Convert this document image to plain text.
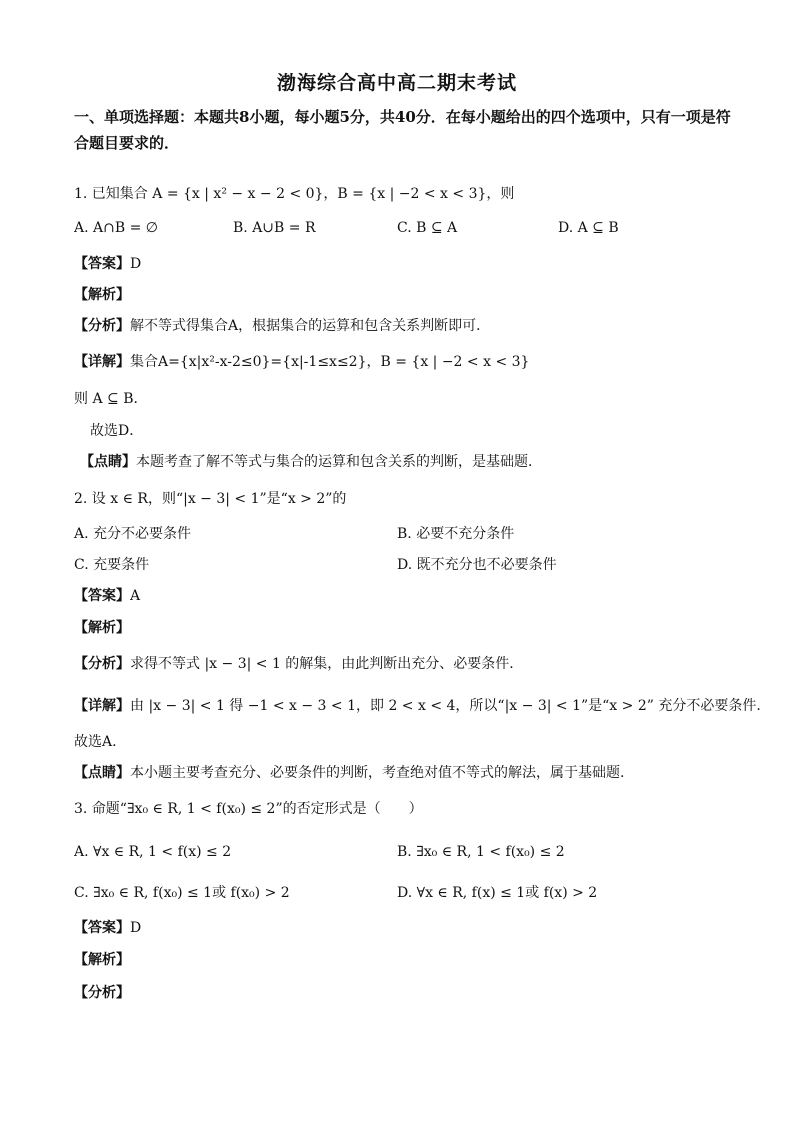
渤海综合高中高二期末考试
一、单项选择题：本题共8小题，每小题5分，共40分．在每小题给出的四个选项中，只有一项是符合题目要求的．
1. 已知集合 A = {x | x² − x − 2 < 0}，B = {x | −2 < x < 3}，则
A. A∩B = ∅	B. A∪B = R	C. B ⊆ A	D. A ⊆ B
【答案】D
【解析】
【分析】解不等式得集合A，根据集合的运算和包含关系判断即可．
【详解】集合A={x|x²-x-2≤0}={x|-1≤x≤2}，B = {x | −2 < x < 3}
则 A ⊆ B．
故选D．
【点睛】本题考查了解不等式与集合的运算和包含关系的判断，是基础题．
2. 设 x ∈ R，则“|x − 3| < 1”是“x > 2”的
A. 充分不必要条件	B. 必要不充分条件
C. 充要条件	D. 既不充分也不必要条件
【答案】A
【解析】
【分析】求得不等式 |x − 3| < 1 的解集，由此判断出充分、必要条件.
【详解】由 |x − 3| < 1 得 −1 < x − 3 < 1，即 2 < x < 4，所以“|x − 3| < 1”是“x > 2” 充分不必要条件.
故选A.
【点睛】本小题主要考查充分、必要条件的判断，考查绝对值不等式的解法，属于基础题.
3. 命题“∃x₀ ∈ R, 1 < f(x₀) ≤ 2”的否定形式是（　　）
A. ∀x ∈ R, 1 < f(x) ≤ 2	B. ∃x₀ ∈ R, 1 < f(x₀) ≤ 2
C. ∃x₀ ∈ R, f(x₀) ≤ 1或 f(x₀) > 2	D. ∀x ∈ R, f(x) ≤ 1或 f(x) > 2
【答案】D
【解析】
【分析】
